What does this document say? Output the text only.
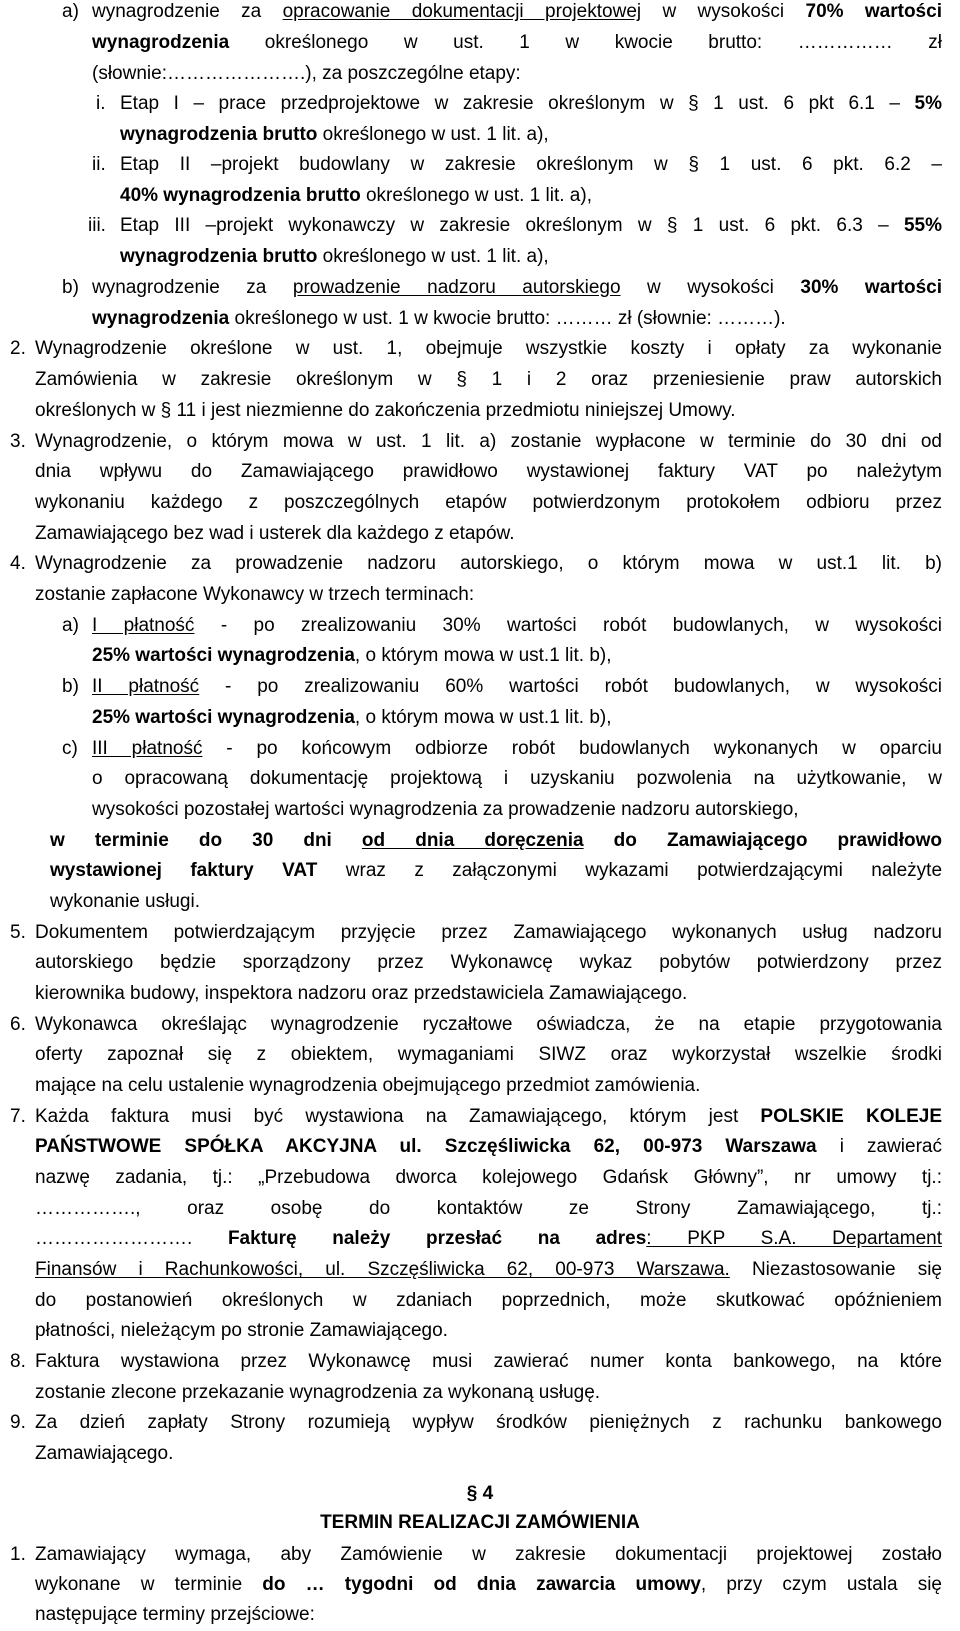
a) wynagrodzenie za opracowanie dokumentacji projektowej w wysokości 70% wartości
wynagrodzenia określonego w ust. 1 w kwocie brutto: …………… zł
(słownie:………………….), za poszczególne etapy:
i. Etap I – prace przedprojektowe w zakresie określonym w § 1 ust. 6 pkt 6.1 – 5%
wynagrodzenia brutto określonego w ust. 1 lit. a),
ii. Etap II –projekt budowlany w zakresie określonym w § 1 ust. 6 pkt. 6.2 –
40% wynagrodzenia brutto określonego w ust. 1 lit. a),
iii. Etap III –projekt wykonawczy w zakresie określonym w § 1 ust. 6 pkt. 6.3 – 55%
wynagrodzenia brutto określonego w ust. 1 lit. a),
b) wynagrodzenie za prowadzenie nadzoru autorskiego w wysokości 30% wartości
wynagrodzenia określonego w ust. 1 w kwocie brutto: ……… zł (słownie: ………).
2. Wynagrodzenie określone w ust. 1, obejmuje wszystkie koszty i opłaty za wykonanie
Zamówienia w zakresie określonym w § 1 i 2 oraz przeniesienie praw autorskich
określonych w § 11 i jest niezmienne do zakończenia przedmiotu niniejszej Umowy.
3. Wynagrodzenie, o którym mowa w ust. 1 lit. a) zostanie wypłacone w terminie do 30 dni od
dnia wpływu do Zamawiającego prawidłowo wystawionej faktury VAT po należytym
wykonaniu każdego z poszczególnych etapów potwierdzonym protokołem odbioru przez
Zamawiającego bez wad i usterek dla każdego z etapów.
4. Wynagrodzenie za prowadzenie nadzoru autorskiego, o którym mowa w ust.1 lit. b)
zostanie zapłacone Wykonawcy w trzech terminach:
a) I płatność - po zrealizowaniu 30% wartości robót budowlanych, w wysokości
25% wartości wynagrodzenia, o którym mowa w ust.1 lit. b),
b) II płatność - po zrealizowaniu 60% wartości robót budowlanych, w wysokości
25% wartości wynagrodzenia, o którym mowa w ust.1 lit. b),
c) III płatność - po końcowym odbiorze robót budowlanych wykonanych w oparciu
o opracowaną dokumentację projektową i uzyskaniu pozwolenia na użytkowanie, w
wysokości pozostałej wartości wynagrodzenia za prowadzenie nadzoru autorskiego,
w terminie do 30 dni od dnia doręczenia do Zamawiającego prawidłowo
wystawionej faktury VAT wraz z załączonymi wykazami potwierdzającymi należyte
wykonanie usługi.
5. Dokumentem potwierdzającym przyjęcie przez Zamawiającego wykonanych usług nadzoru
autorskiego będzie sporządzony przez Wykonawcę wykaz pobytów potwierdzony przez
kierownika budowy, inspektora nadzoru oraz przedstawiciela Zamawiającego.
6. Wykonawca określając wynagrodzenie ryczałtowe oświadcza, że na etapie przygotowania
oferty zapoznał się z obiektem, wymaganiami SIWZ oraz wykorzystał wszelkie środki
mające na celu ustalenie wynagrodzenia obejmującego przedmiot zamówienia.
7. Każda faktura musi być wystawiona na Zamawiającego, którym jest POLSKIE KOLEJE
PAŃSTWOWE SPÓŁKA AKCYJNA ul. Szczęśliwicka 62, 00-973 Warszawa i zawierać
nazwę zadania, tj.: „Przebudowa dworca kolejowego Gdańsk Główny”, nr umowy tj.:
……………., oraz osobę do kontaktów ze Strony Zamawiającego, tj.:
……………………. Fakturę należy przesłać na adres: PKP S.A. Departament
Finansów i Rachunkowości, ul. Szczęśliwicka 62, 00-973 Warszawa. Niezastosowanie się
do postanowień określonych w zdaniach poprzednich, może skutkować opóźnieniem
płatności, nieleżącym po stronie Zamawiającego.
8. Faktura wystawiona przez Wykonawcę musi zawierać numer konta bankowego, na które
zostanie zlecone przekazanie wynagrodzenia za wykonaną usługę.
9. Za dzień zapłaty Strony rozumieją wypływ środków pieniężnych z rachunku bankowego
Zamawiającego.
§ 4
TERMIN REALIZACJI ZAMÓWIENIA
1. Zamawiający wymaga, aby Zamówienie w zakresie dokumentacji projektowej zostało
wykonane w terminie do … tygodni od dnia zawarcia umowy, przy czym ustala się
następujące terminy przejściowe:
